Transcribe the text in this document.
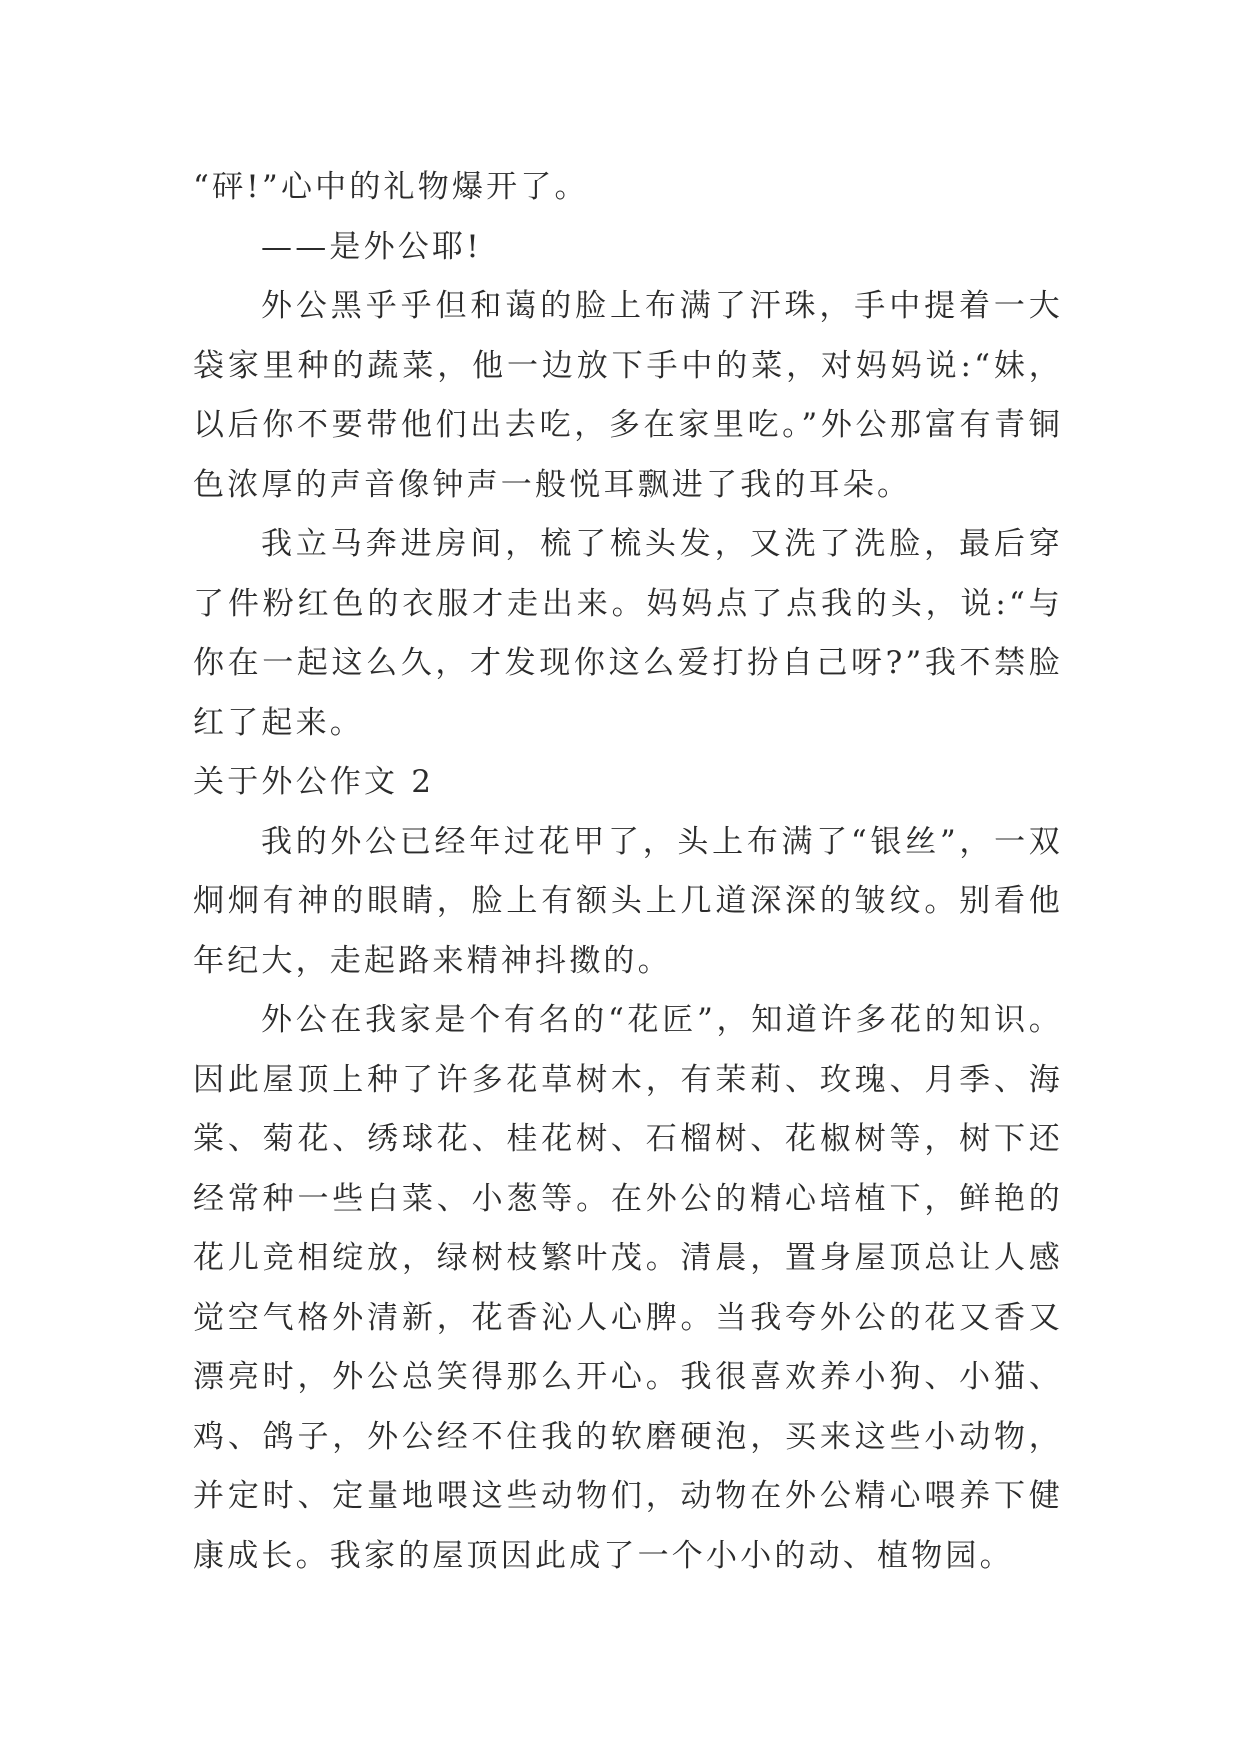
“砰!”心中的礼物爆开了。

——是外公耶!

外公黑乎乎但和蔼的脸上布满了汗珠，手中提着一大袋家里种的蔬菜，他一边放下手中的菜，对妈妈说:“妹，以后你不要带他们出去吃，多在家里吃。”外公那富有青铜色浓厚的声音像钟声一般悦耳飘进了我的耳朵。

我立马奔进房间，梳了梳头发，又洗了洗脸，最后穿了件粉红色的衣服才走出来。妈妈点了点我的头，说:“与你在一起这么久，才发现你这么爱打扮自己呀?”我不禁脸红了起来。

关于外公作文 2

我的外公已经年过花甲了，头上布满了“银丝”，一双炯炯有神的眼睛，脸上有额头上几道深深的皱纹。别看他年纪大，走起路来精神抖擞的。

外公在我家是个有名的“花匠”，知道许多花的知识。因此屋顶上种了许多花草树木，有茉莉、玫瑰、月季、海棠、菊花、绣球花、桂花树、石榴树、花椒树等，树下还经常种一些白菜、小葱等。在外公的精心培植下，鲜艳的花儿竞相绽放，绿树枝繁叶茂。清晨，置身屋顶总让人感觉空气格外清新，花香沁人心脾。当我夸外公的花又香又漂亮时，外公总笑得那么开心。我很喜欢养小狗、小猫、鸡、鸽子，外公经不住我的软磨硬泡，买来这些小动物，并定时、定量地喂这些动物们，动物在外公精心喂养下健康成长。我家的屋顶因此成了一个小小的动、植物园。
